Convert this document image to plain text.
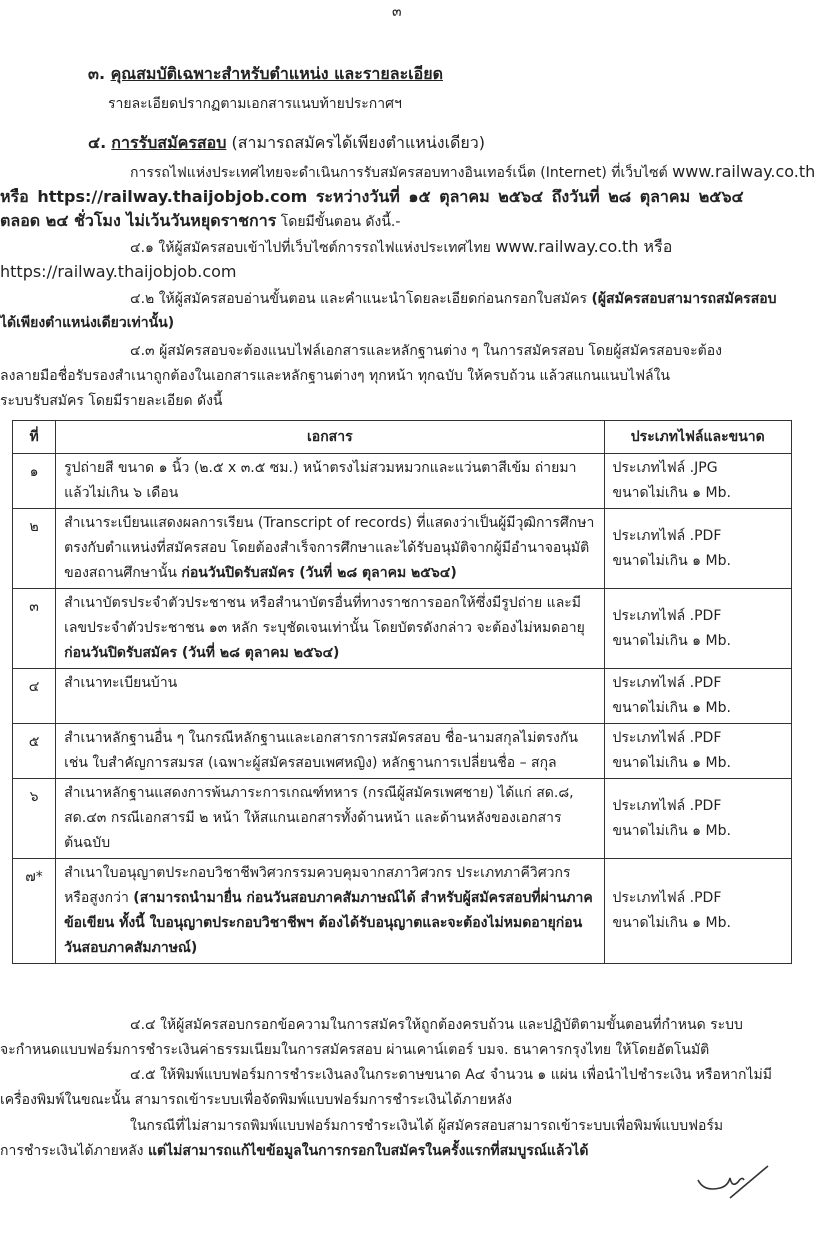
๓
๓. คุณสมบัติเฉพาะสำหรับตำแหน่ง และรายละเอียด
รายละเอียดปรากฏตามเอกสารแนบท้ายประกาศฯ
๔. การรับสมัครสอบ (สามารถสมัครได้เพียงตำแหน่งเดียว)
การรถไฟแห่งประเทศไทยจะดำเนินการรับสมัครสอบทางอินเทอร์เน็ต (Internet) ที่เว็บไซต์ www.railway.co.th
หรือ https://railway.thaijobjob.com ระหว่างวันที่ ๑๕ ตุลาคม ๒๕๖๔ ถึงวันที่ ๒๘ ตุลาคม ๒๕๖๔
ตลอด ๒๔ ชั่วโมง ไม่เว้นวันหยุดราชการ โดยมีขั้นตอน ดังนี้.-
๔.๑ ให้ผู้สมัครสอบเข้าไปที่เว็บไซต์การรถไฟแห่งประเทศไทย www.railway.co.th หรือ
https://railway.thaijobjob.com
๔.๒ ให้ผู้สมัครสอบอ่านขั้นตอน และคำแนะนำโดยละเอียดก่อนกรอกใบสมัคร (ผู้สมัครสอบสามารถสมัครสอบ
ได้เพียงตำแหน่งเดียวเท่านั้น)
๔.๓ ผู้สมัครสอบจะต้องแนบไฟล์เอกสารและหลักฐานต่าง ๆ ในการสมัครสอบ โดยผู้สมัครสอบจะต้อง
ลงลายมือชื่อรับรองสำเนาถูกต้องในเอกสารและหลักฐานต่างๆ ทุกหน้า ทุกฉบับ ให้ครบถ้วน แล้วสแกนแนบไฟล์ใน
ระบบรับสมัคร โดยมีรายละเอียด ดังนี้
ที่	เอกสาร	ประเภทไฟล์และขนาด
๑	รูปถ่ายสี ขนาด ๑ นิ้ว (๒.๕ x ๓.๕ ซม.) หน้าตรงไม่สวมหมวกและแว่นตาสีเข้ม ถ่ายมาแล้วไม่เกิน ๖ เดือน	ประเภทไฟล์ .JPG
ขนาดไม่เกิน ๑ Mb.

๒	สำเนาระเบียนแสดงผลการเรียน (Transcript of records) ที่แสดงว่าเป็นผู้มีวุฒิการศึกษาตรงกับตำแหน่งที่สมัครสอบ โดยต้องสำเร็จการศึกษาและได้รับอนุมัติจากผู้มีอำนาจอนุมัติของสถานศึกษานั้น ก่อนวันปิดรับสมัคร (วันที่ ๒๘ ตุลาคม ๒๕๖๔)	ประเภทไฟล์ .PDF
ขนาดไม่เกิน ๑ Mb.

๓	สำเนาบัตรประจำตัวประชาชน หรือสำนาบัตรอื่นที่ทางราชการออกให้ซึ่งมีรูปถ่าย และมีเลขประจำตัวประชาชน ๑๓ หลัก ระบุชัดเจนเท่านั้น โดยบัตรดังกล่าว จะต้องไม่หมดอายุ ก่อนวันปิดรับสมัคร (วันที่ ๒๘ ตุลาคม ๒๕๖๔)	ประเภทไฟล์ .PDF
ขนาดไม่เกิน ๑ Mb.

๔	สำเนาทะเบียนบ้าน	ประเภทไฟล์ .PDF
ขนาดไม่เกิน ๑ Mb.

๕	สำเนาหลักฐานอื่น ๆ ในกรณีหลักฐานและเอกสารการสมัครสอบ ชื่อ-นามสกุลไม่ตรงกัน เช่น ใบสำคัญการสมรส (เฉพาะผู้สมัครสอบเพศหญิง) หลักฐานการเปลี่ยนชื่อ – สกุล	ประเภทไฟล์ .PDF
ขนาดไม่เกิน ๑ Mb.

๖	สำเนาหลักฐานแสดงการพ้นภาระการเกณฑ์ทหาร (กรณีผู้สมัครเพศชาย) ได้แก่ สด.๘, สด.๔๓ กรณีเอกสารมี ๒ หน้า ให้สแกนเอกสารทั้งด้านหน้า และด้านหลังของเอกสารต้นฉบับ	ประเภทไฟล์ .PDF
ขนาดไม่เกิน ๑ Mb.

๗*	สำเนาใบอนุญาตประกอบวิชาชีพวิศวกรรมควบคุมจากสภาวิศวกร ประเภทภาคีวิศวกร หรือสูงกว่า (สามารถนำมายื่น ก่อนวันสอบภาคสัมภาษณ์ได้ สำหรับผู้สมัครสอบที่ผ่านภาคข้อเขียน ทั้งนี้ ใบอนุญาตประกอบวิชาชีพฯ ต้องได้รับอนุญาตและจะต้องไม่หมดอายุก่อนวันสอบภาคสัมภาษณ์)	ประเภทไฟล์ .PDF
ขนาดไม่เกิน ๑ Mb.
๔.๔ ให้ผู้สมัครสอบกรอกข้อความในการสมัครให้ถูกต้องครบถ้วน และปฏิบัติตามขั้นตอนที่กำหนด ระบบ
จะกำหนดแบบฟอร์มการชำระเงินค่าธรรมเนียมในการสมัครสอบ ผ่านเคาน์เตอร์ บมจ. ธนาคารกรุงไทย ให้โดยอัตโนมัติ
๔.๕ ให้พิมพ์แบบฟอร์มการชำระเงินลงในกระดาษขนาด A๔ จำนวน ๑ แผ่น เพื่อนำไปชำระเงิน หรือหากไม่มี
เครื่องพิมพ์ในขณะนั้น สามารถเข้าระบบเพื่อจัดพิมพ์แบบฟอร์มการชำระเงินได้ภายหลัง
ในกรณีที่ไม่สามารถพิมพ์แบบฟอร์มการชำระเงินได้ ผู้สมัครสอบสามารถเข้าระบบเพื่อพิมพ์แบบฟอร์ม
การชำระเงินได้ภายหลัง แต่ไม่สามารถแก้ไขข้อมูลในการกรอกใบสมัครในครั้งแรกที่สมบูรณ์แล้วได้
